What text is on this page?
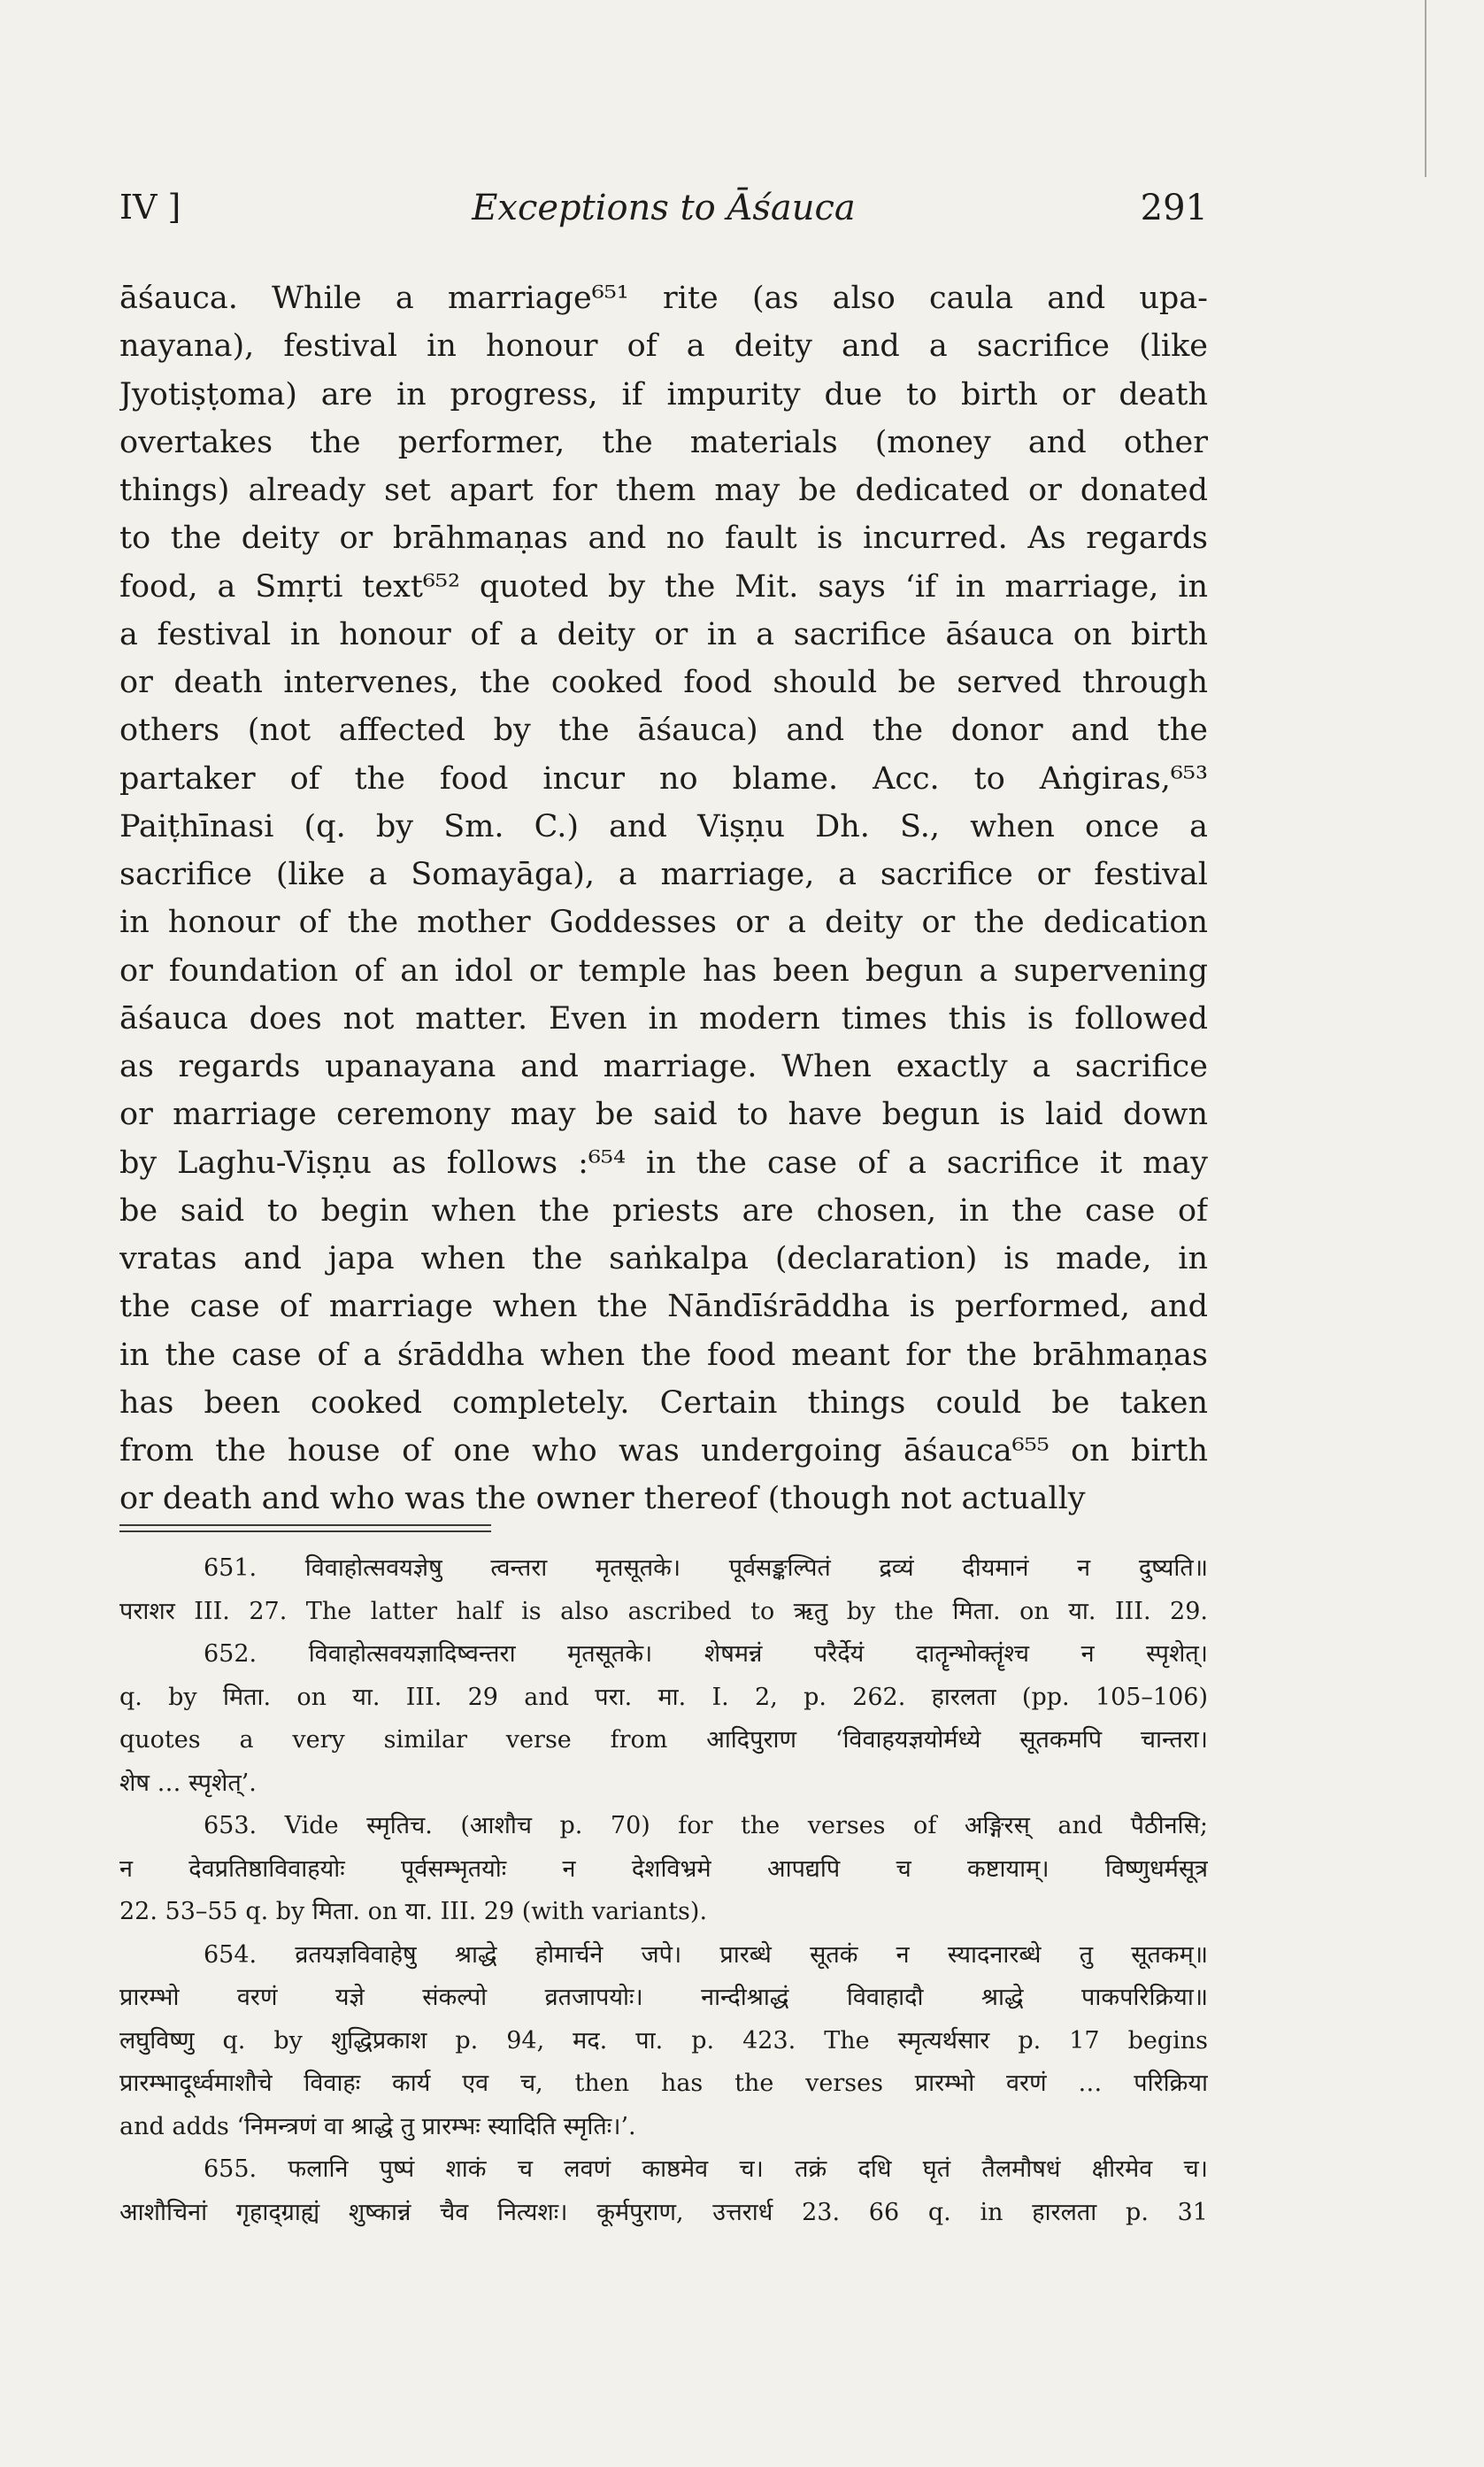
IV ]	Exceptions to Āśauca	291
āśauca. While a marriage⁶⁵¹ rite (as also caula and upa-
nayana), festival in honour of a deity and a sacrifice (like
Jyotiṣṭoma) are in progress, if impurity due to birth or death
overtakes the performer, the materials (money and other
things) already set apart for them may be dedicated or donated
to the deity or brāhmaṇas and no fault is incurred. As regards
food, a Smṛti text⁶⁵² quoted by the Mit. says ‘if in marriage, in
a festival in honour of a deity or in a sacrifice āśauca on birth
or death intervenes, the cooked food should be served through
others (not affected by the āśauca) and the donor and the
partaker of the food incur no blame. Acc. to Aṅgiras,⁶⁵³
Paiṭhīnasi (q. by Sm. C.) and Viṣṇu Dh. S., when once a
sacrifice (like a Somayāga), a marriage, a sacrifice or festival
in honour of the mother Goddesses or a deity or the dedication
or foundation of an idol or temple has been begun a supervening
āśauca does not matter. Even in modern times this is followed
as regards upanayana and marriage. When exactly a sacrifice
or marriage ceremony may be said to have begun is laid down
by Laghu-Viṣṇu as follows :⁶⁵⁴ in the case of a sacrifice it may
be said to begin when the priests are chosen, in the case of
vratas and japa when the saṅkalpa (declaration) is made, in
the case of marriage when the Nāndīśrāddha is performed, and
in the case of a śrāddha when the food meant for the brāhmaṇas
has been cooked completely. Certain things could be taken
from the house of one who was undergoing āśauca⁶⁵⁵ on birth
or death and who was the owner thereof (though not actually
651. विवाहोत्सवयज्ञेषु त्वन्तरा मृतसूतके। पूर्वसङ्कल्पितं द्रव्यं दीयमानं न दुष्यति॥
पराशर III. 27. The latter half is also ascribed to ऋतु by the मिता. on या. III. 29.
652. विवाहोत्सवयज्ञादिष्वन्तरा मृतसूतके। शेषमन्नं परैर्देयं दातॄन्भोक्तॄंश्च न स्पृशेत्।
q. by मिता. on या. III. 29 and परा. मा. I. 2, p. 262. हारलता (pp. 105–106)
quotes a very similar verse from आदिपुराण ‘विवाहयज्ञयोर्मध्ये सूतकमपि चान्तरा।
शेष … स्पृशेत्’.
653. Vide स्मृतिच. (आशौच p. 70) for the verses of अङ्गिरस् and पैठीनसि;
न देवप्रतिष्ठाविवाहयोः पूर्वसम्भृतयोः न देशविभ्रमे आपद्यपि च कष्टायाम्। विष्णुधर्मसूत्र
22. 53–55 q. by मिता. on या. III. 29 (with variants).
654. व्रतयज्ञविवाहेषु श्राद्धे होमार्चने जपे। प्रारब्धे सूतकं न स्यादनारब्धे तु सूतकम्॥
प्रारम्भो वरणं यज्ञे संकल्पो व्रतजापयोः। नान्दीश्राद्धं विवाहादौ श्राद्धे पाकपरिक्रिया॥
लघुविष्णु q. by शुद्धिप्रकाश p. 94, मद. पा. p. 423. The स्मृत्यर्थसार p. 17 begins
प्रारम्भादूर्ध्वमाशौचे विवाहः कार्य एव च, then has the verses प्रारम्भो वरणं … परिक्रिया
and adds ‘निमन्त्रणं वा श्राद्धे तु प्रारम्भः स्यादिति स्मृतिः।’.
655. फलानि पुष्पं शाकं च लवणं काष्ठमेव च। तक्रं दधि घृतं तैलमौषधं क्षीरमेव च।
आशौचिनां गृहाद्ग्राह्यं शुष्कान्नं चैव नित्यशः। कूर्मपुराण, उत्तरार्ध 23. 66 q. in हारलता p. 31
